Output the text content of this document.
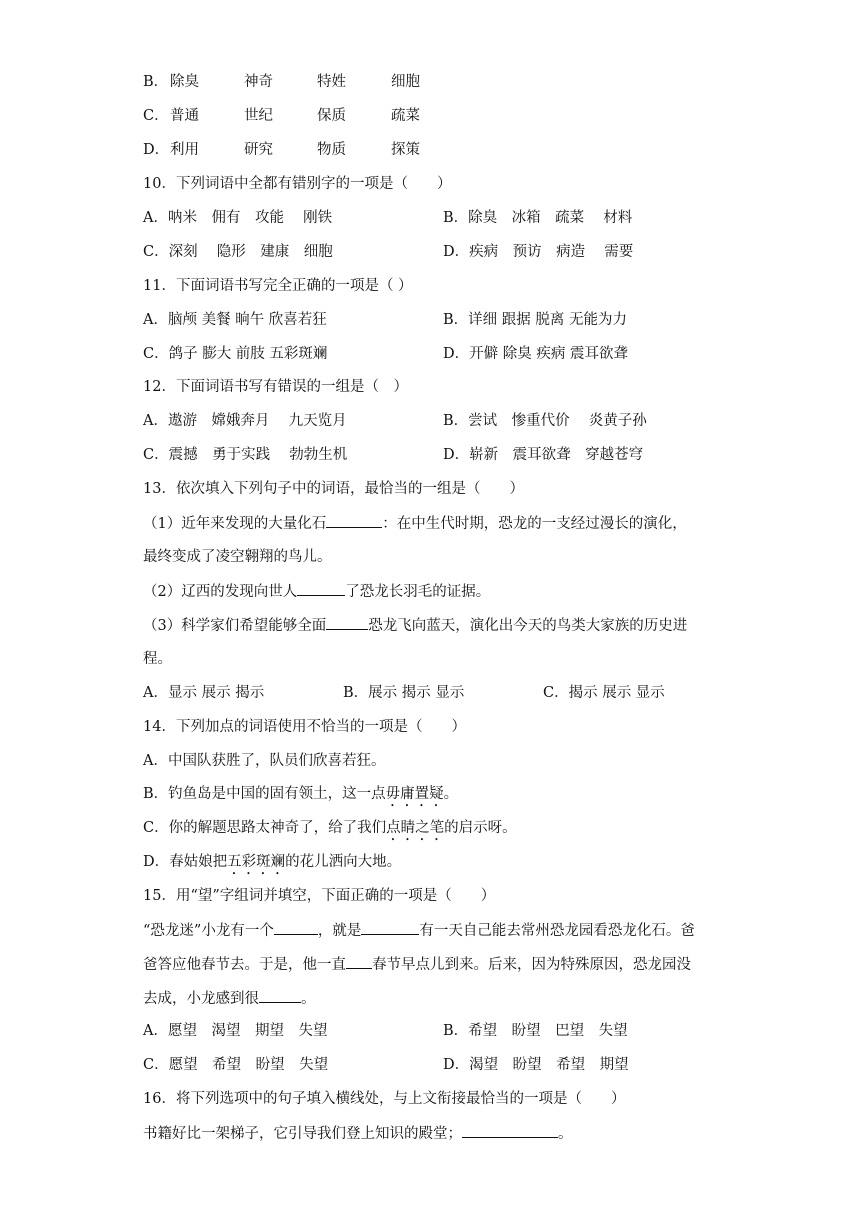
B． 除臭	神奇	特姓	细胞
C． 普通	世纪	保质	疏菜
D． 利用	研究	物质	探策
10．下列词语中全都有错别字的一项是（　　）
A．呐米　佣有　攻能　 刚铁	B．除臭　冰箱　疏菜　 材料
C．深刻　 隐形　建康　细胞	D．疾病　预访　病造　 需要
11．下面词语书写完全正确的一项是（ ）
A．脑颅 美餐 晌午 欣喜若狂	B．详细 跟据 脱离 无能为力
C．鸽子 膨大 前肢 五彩斑斓	D．开僻 除臭 疾病 震耳欲聋
12．下面词语书写有错误的一组是（　）
A．遨游　嫦娥奔月　 九天览月	B．尝试　惨重代价　 炎黄子孙
C．震撼　勇于实践　 勃勃生机	D．崭新　震耳欲聋　穿越苍穹
13．依次填入下列句子中的词语，最恰当的一组是（　　）
（1）近年来发现的大量化石	：在中生代时期，恐龙的一支经过漫长的演化，
最终变成了凌空翱翔的鸟儿。
（2）辽西的发现向世人	了恐龙长羽毛的证据。
（3）科学家们希望能够全面	恐龙飞向蓝天，演化出今天的鸟类大家族的历史进
程。
A．显示 展示 揭示	B．展示 揭示 显示	C．揭示 展示 显示
14．下列加点的词语使用不恰当的一项是（　　）
A．中国队获胜了，队员们欣喜若狂。
B．钓鱼岛是中国的固有领土，这一点毋庸置疑。
C．你的解题思路太神奇了，给了我们点睛之笔的启示呀。
D．春姑娘把五彩斑斓的花儿洒向大地。
15．用“望”字组词并填空，下面正确的一项是（　　）
“恐龙迷”小龙有一个	，就是	有一天自己能去常州恐龙园看恐龙化石。爸
爸答应他春节去。于是，他一直 春节早点儿到来。后来，因为特殊原因，恐龙园没
去成，小龙感到很	。
A．愿望　渴望　期望　失望	B．希望　盼望　巴望　失望
C．愿望　希望　盼望　失望	D．渴望　盼望　希望　期望
16．将下列选项中的句子填入横线处，与上文衔接最恰当的一项是（　　）
书籍好比一架梯子，它引导我们登上知识的殿堂；	。
